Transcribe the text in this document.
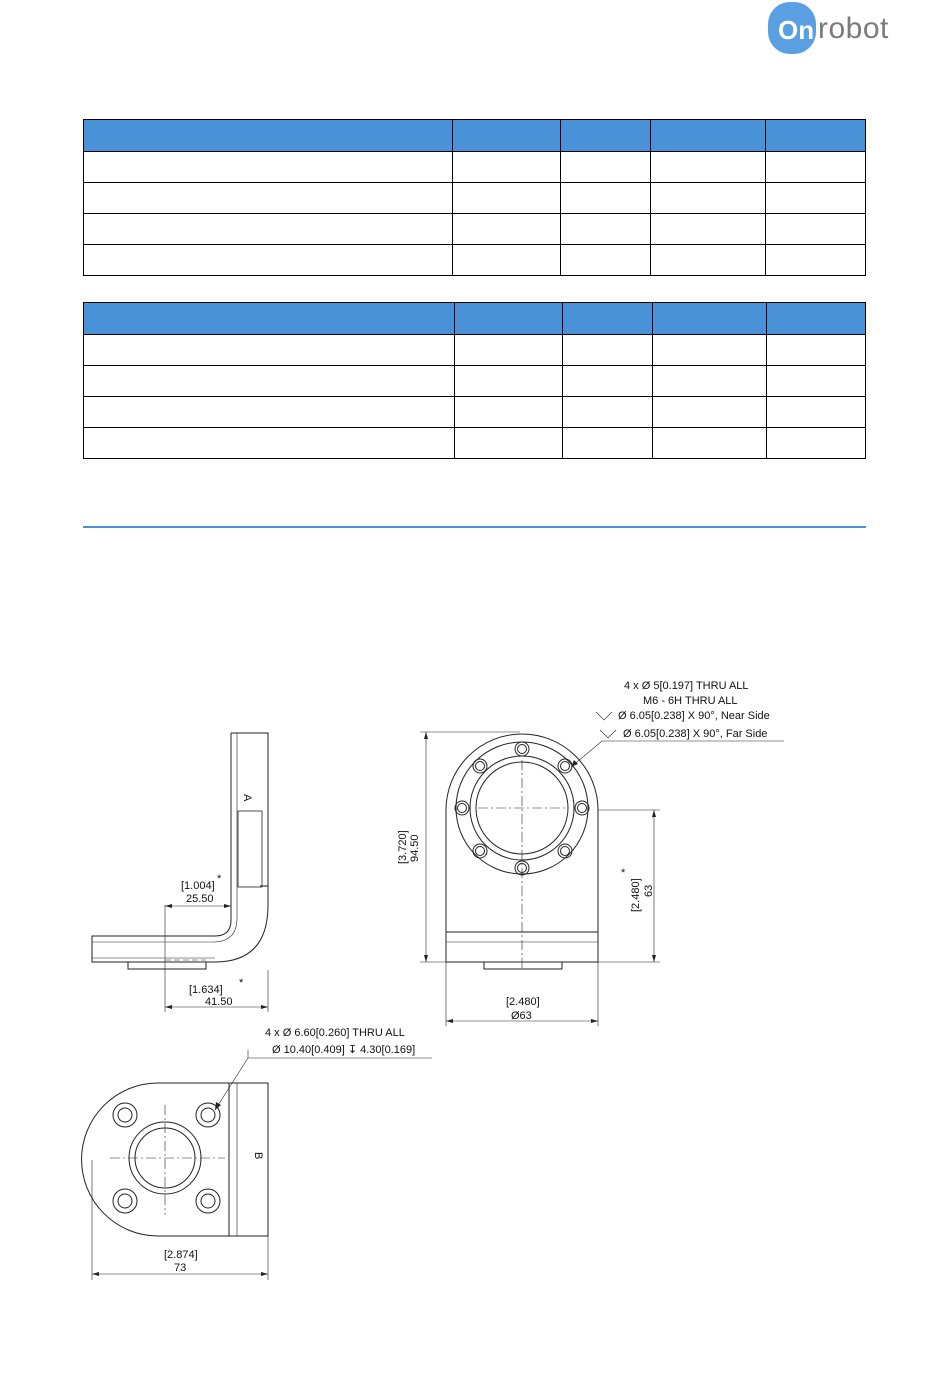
On robot

A
[1.004]
*
25.50
[1.634]
*
41.50
4 x Ø 5[0.197] THRU ALL
M6 - 6H THRU ALL
Ø 6.05[0.238] X 90°, Near Side
Ø 6.05[0.238] X 90°, Far Side
[3.720] 94.50
[2.480] 63
*
[2.480]
Ø63
4 x Ø 6.60[0.260] THRU ALL
Ø 10.40[0.409] ↧ 4.30[0.169]
B
[2.874]
73
